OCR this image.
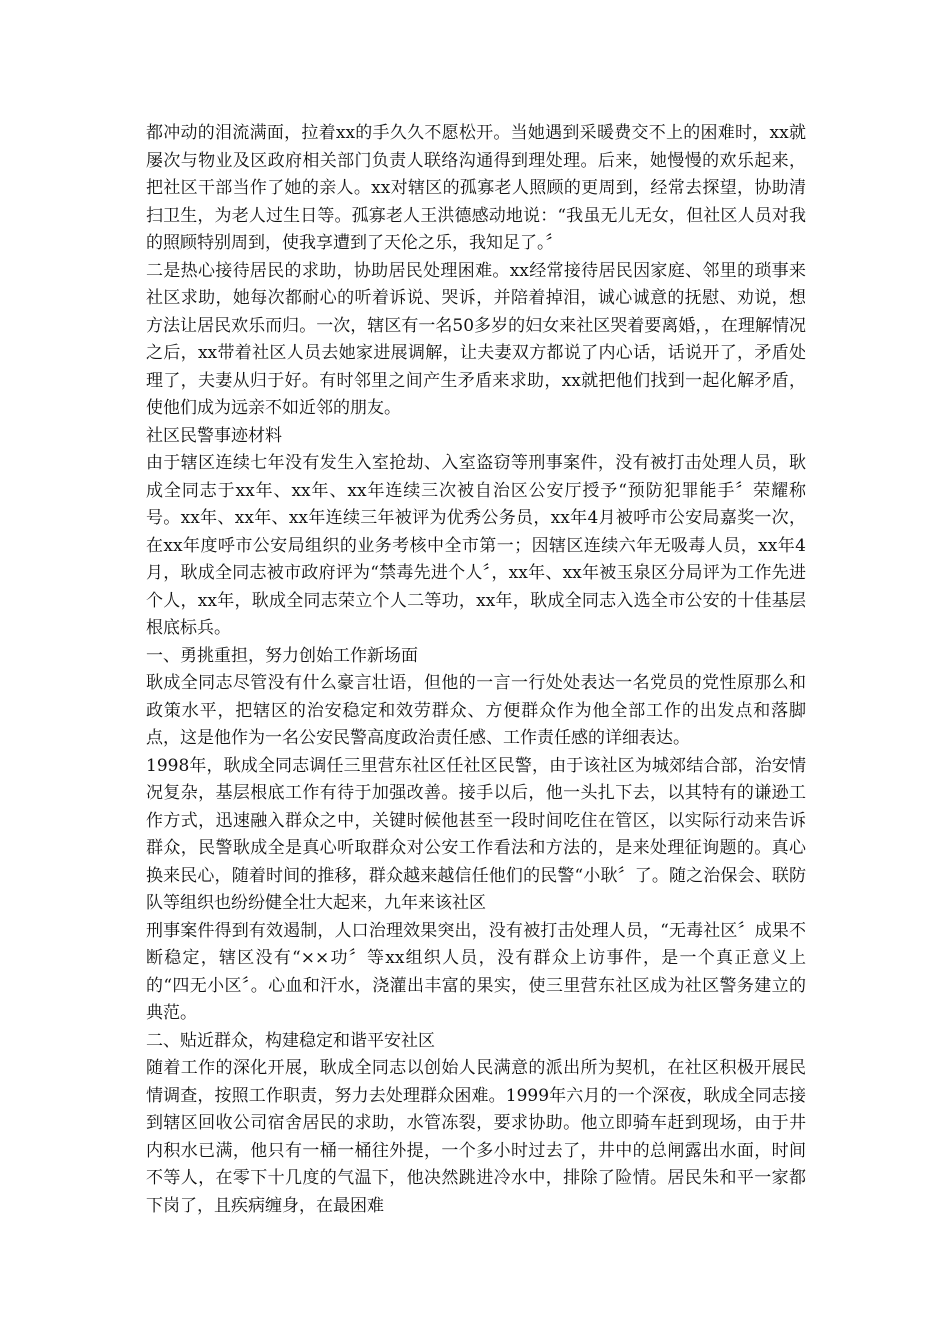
都冲动的泪流满面，拉着xx的手久久不愿松开。当她遇到采暖费交不上的困难时，xx就屡次与物业及区政府相关部门负责人联络沟通得到理处理。后来，她慢慢的欢乐起来，把社区干部当作了她的亲人。xx对辖区的孤寡老人照顾的更周到，经常去探望，协助清扫卫生，为老人过生日等。孤寡老人王洪德感动地说：“我虽无儿无女，但社区人员对我的照顾特别周到，使我享遭到了天伦之乐，我知足了。〞

二是热心接待居民的求助，协助居民处理困难。xx经常接待居民因家庭、邻里的琐事来社区求助，她每次都耐心的听着诉说、哭诉，并陪着掉泪，诚心诚意的抚慰、劝说，想方法让居民欢乐而归。一次，辖区有一名50多岁的妇女来社区哭着要离婚，，在理解情况之后，xx带着社区人员去她家进展调解，让夫妻双方都说了内心话，话说开了，矛盾处理了，夫妻从归于好。有时邻里之间产生矛盾来求助，xx就把他们找到一起化解矛盾，使他们成为远亲不如近邻的朋友。

社区民警事迹材料

由于辖区连续七年没有发生入室抢劫、入室盗窃等刑事案件，没有被打击处理人员，耿成全同志于xx年、xx年、xx年连续三次被自治区公安厅授予“预防犯罪能手〞荣耀称号。xx年、xx年、xx年连续三年被评为优秀公务员，xx年4月被呼市公安局嘉奖一次，在xx年度呼市公安局组织的业务考核中全市第一；因辖区连续六年无吸毒人员，xx年4月，耿成全同志被市政府评为“禁毒先进个人〞，xx年、xx年被玉泉区分局评为工作先进个人，xx年，耿成全同志荣立个人二等功，xx年，耿成全同志入选全市公安的十佳基层根底标兵。

一、勇挑重担，努力创始工作新场面

耿成全同志尽管没有什么豪言壮语，但他的一言一行处处表达一名党员的党性原那么和政策水平，把辖区的治安稳定和效劳群众、方便群众作为他全部工作的出发点和落脚点，这是他作为一名公安民警高度政治责任感、工作责任感的详细表达。

1998年，耿成全同志调任三里营东社区任社区民警，由于该社区为城郊结合部，治安情况复杂，基层根底工作有待于加强改善。接手以后，他一头扎下去，以其特有的谦逊工作方式，迅速融入群众之中，关键时候他甚至一段时间吃住在管区，以实际行动来告诉群众，民警耿成全是真心听取群众对公安工作看法和方法的，是来处理征询题的。真心换来民心，随着时间的推移，群众越来越信任他们的民警“小耿〞了。随之治保会、联防队等组织也纷纷健全壮大起来，九年来该社区

刑事案件得到有效遏制，人口治理效果突出，没有被打击处理人员，“无毒社区〞成果不断稳定，辖区没有“××功〞等xx组织人员，没有群众上访事件，是一个真正意义上的“四无小区〞。心血和汗水，浇灌出丰富的果实，使三里营东社区成为社区警务建立的典范。

二、贴近群众，构建稳定和谐平安社区

随着工作的深化开展，耿成全同志以创始人民满意的派出所为契机，在社区积极开展民情调查，按照工作职责，努力去处理群众困难。1999年六月的一个深夜，耿成全同志接到辖区回收公司宿舍居民的求助，水管冻裂，要求协助。他立即骑车赶到现场，由于井内积水已满，他只有一桶一桶往外提，一个多小时过去了，井中的总闸露出水面，时间不等人，在零下十几度的气温下，他决然跳进冷水中，排除了险情。居民朱和平一家都下岗了，且疾病缠身，在最困难
